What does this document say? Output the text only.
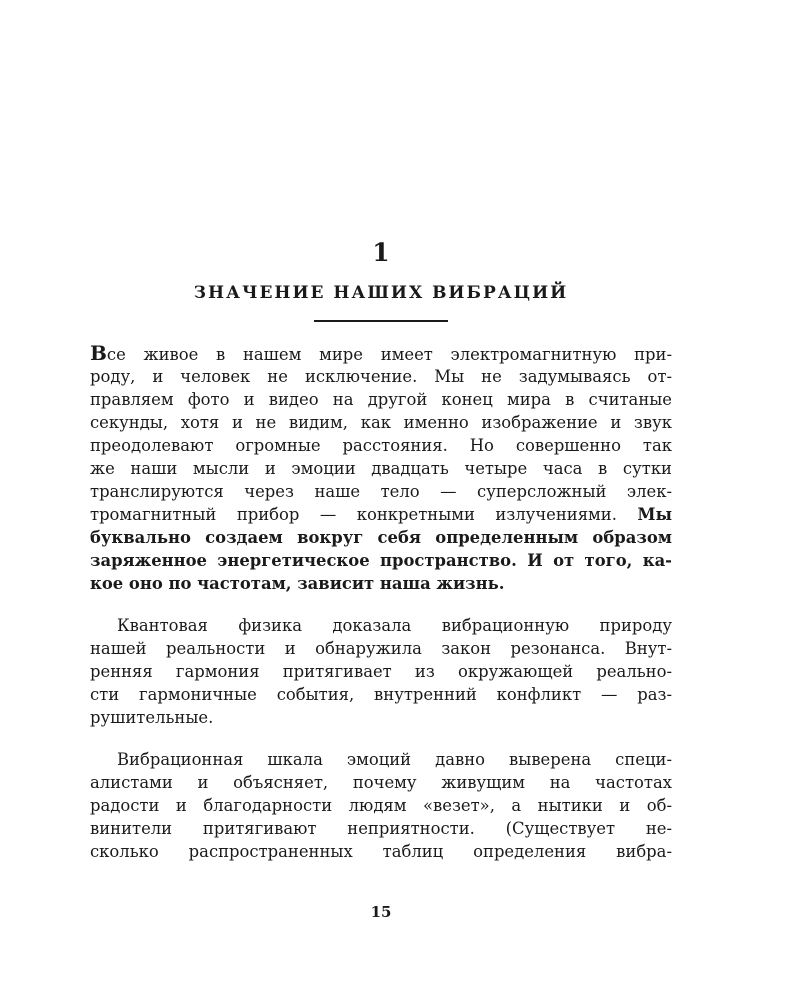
1
ЗНАЧЕНИЕ НАШИХ ВИБРАЦИЙ
Все живое в нашем мире имеет электромагнитную при-
роду, и человек не исключение. Мы не задумываясь от-
правляем фото и видео на другой конец мира в считаные
секунды, хотя и не видим, как именно изображение и звук
преодолевают огромные расстояния. Но совершенно так
же наши мысли и эмоции двадцать четыре часа в сутки
транслируются через наше тело — суперсложный элек-
тромагнитный прибор — конкретными излучениями. Мы
буквально создаем вокруг себя определенным образом
заряженное энергетическое пространство. И от того, ка-
кое оно по частотам, зависит наша жизнь.
Квантовая физика доказала вибрационную природу
нашей реальности и обнаружила закон резонанса. Внут-
ренняя гармония притягивает из окружающей реально-
сти гармоничные события, внутренний конфликт — раз-
рушительные.
Вибрационная шкала эмоций давно выверена специ-
алистами и объясняет, почему живущим на частотах
радости и благодарности людям «везет», а нытики и об-
винители притягивают неприятности. (Существует не-
сколько распространенных таблиц определения вибра-
15
